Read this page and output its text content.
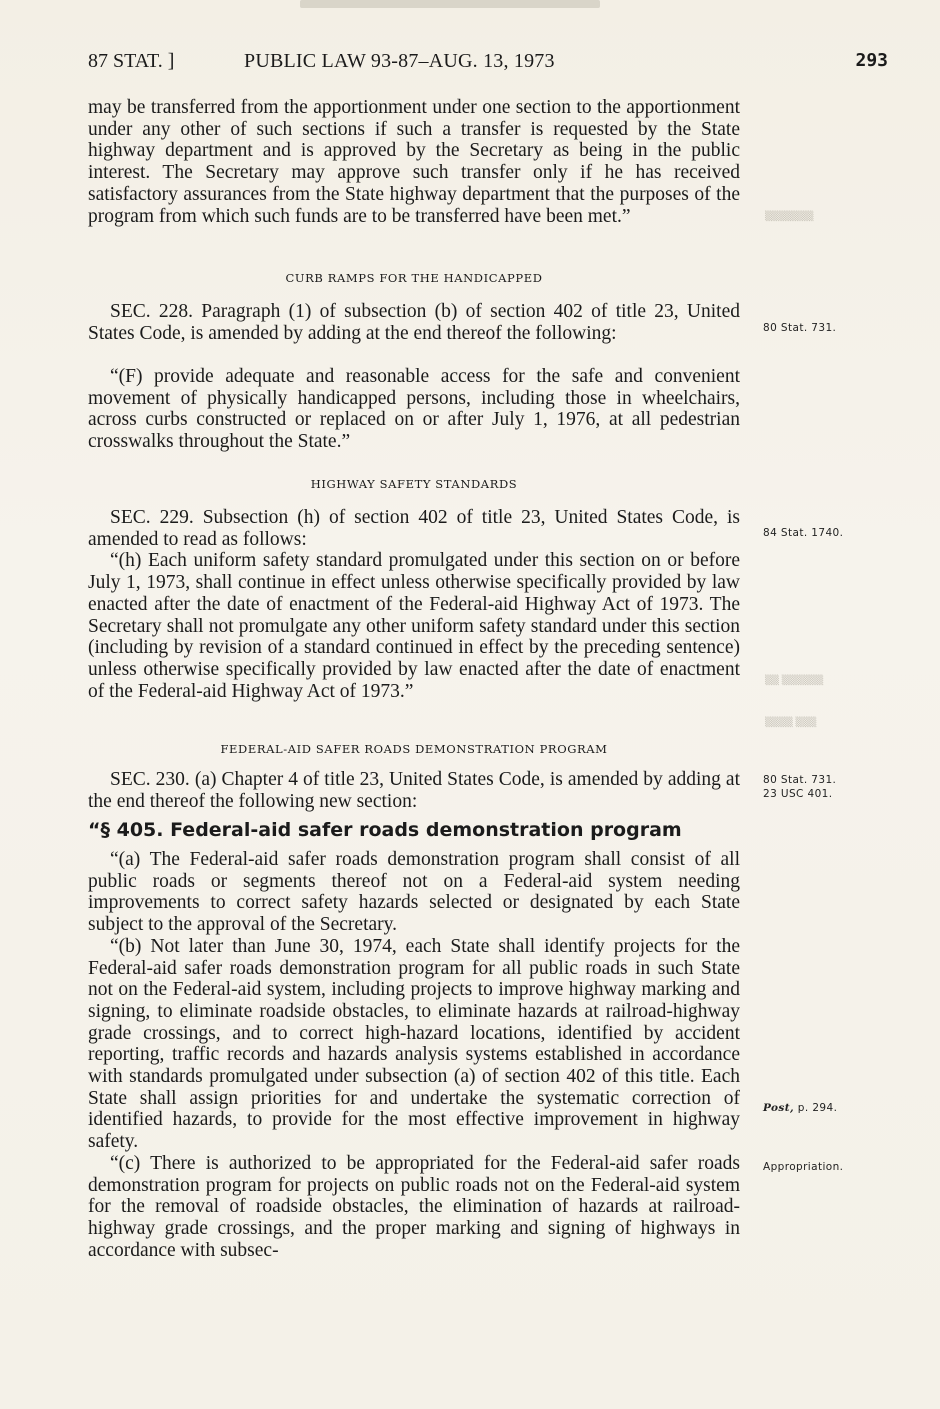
87 STAT. ]	PUBLIC LAW 93-87–AUG. 13, 1973	293

may be transferred from the apportionment under one section to the apportionment under any other of such sections if such a transfer is requested by the State highway department and is approved by the Secretary as being in the public interest. The Secretary may approve such transfer only if he has received satisfactory assurances from the State highway department that the purposes of the program from which such funds are to be transferred have been met.”

CURB RAMPS FOR THE HANDICAPPED

SEC. 228. Paragraph (1) of subsection (b) of section 402 of title 23, United States Code, is amended by adding at the end thereof the following:

“(F) provide adequate and reasonable access for the safe and convenient movement of physically handicapped persons, including those in wheelchairs, across curbs constructed or replaced on or after July 1, 1976, at all pedestrian crosswalks throughout the State.”

HIGHWAY SAFETY STANDARDS

SEC. 229. Subsection (h) of section 402 of title 23, United States Code, is amended to read as follows:

“(h) Each uniform safety standard promulgated under this section on or before July 1, 1973, shall continue in effect unless otherwise specifically provided by law enacted after the date of enactment of the Federal-aid Highway Act of 1973. The Secretary shall not promulgate any other uniform safety standard under this section (including by revision of a standard continued in effect by the preceding sentence) unless otherwise specifically provided by law enacted after the date of enactment of the Federal-aid Highway Act of 1973.”

FEDERAL-AID SAFER ROADS DEMONSTRATION PROGRAM

SEC. 230. (a) Chapter 4 of title 23, United States Code, is amended by adding at the end thereof the following new section:

“§ 405. Federal-aid safer roads demonstration program

“(a) The Federal-aid safer roads demonstration program shall consist of all public roads or segments thereof not on a Federal-aid system needing improvements to correct safety hazards selected or designated by each State subject to the approval of the Secretary.

“(b) Not later than June 30, 1974, each State shall identify projects for the Federal-aid safer roads demonstration program for all public roads in such State not on the Federal-aid system, including projects to improve highway marking and signing, to eliminate roadside obstacles, to eliminate hazards at railroad-highway grade crossings, and to correct high-hazard locations, identified by accident reporting, traffic records and hazards analysis systems established in accordance with standards promulgated under subsection (a) of section 402 of this title. Each State shall assign priorities for and undertake the systematic correction of identified hazards, to provide for the most effective improvement in highway safety.

“(c) There is authorized to be appropriated for the Federal-aid safer roads demonstration program for projects on public roads not on the Federal-aid system for the removal of roadside obstacles, the elimination of hazards at railroad-highway grade crossings, and the proper marking and signing of highways in accordance with subsec-

▒▒▒▒▒▒▒
▒▒ ▒▒▒▒▒▒
▒▒▒▒ ▒▒▒
80 Stat. 731.
84 Stat. 1740.
80 Stat. 731.
23 USC 401.
Post, p. 294.
Appropriation.
